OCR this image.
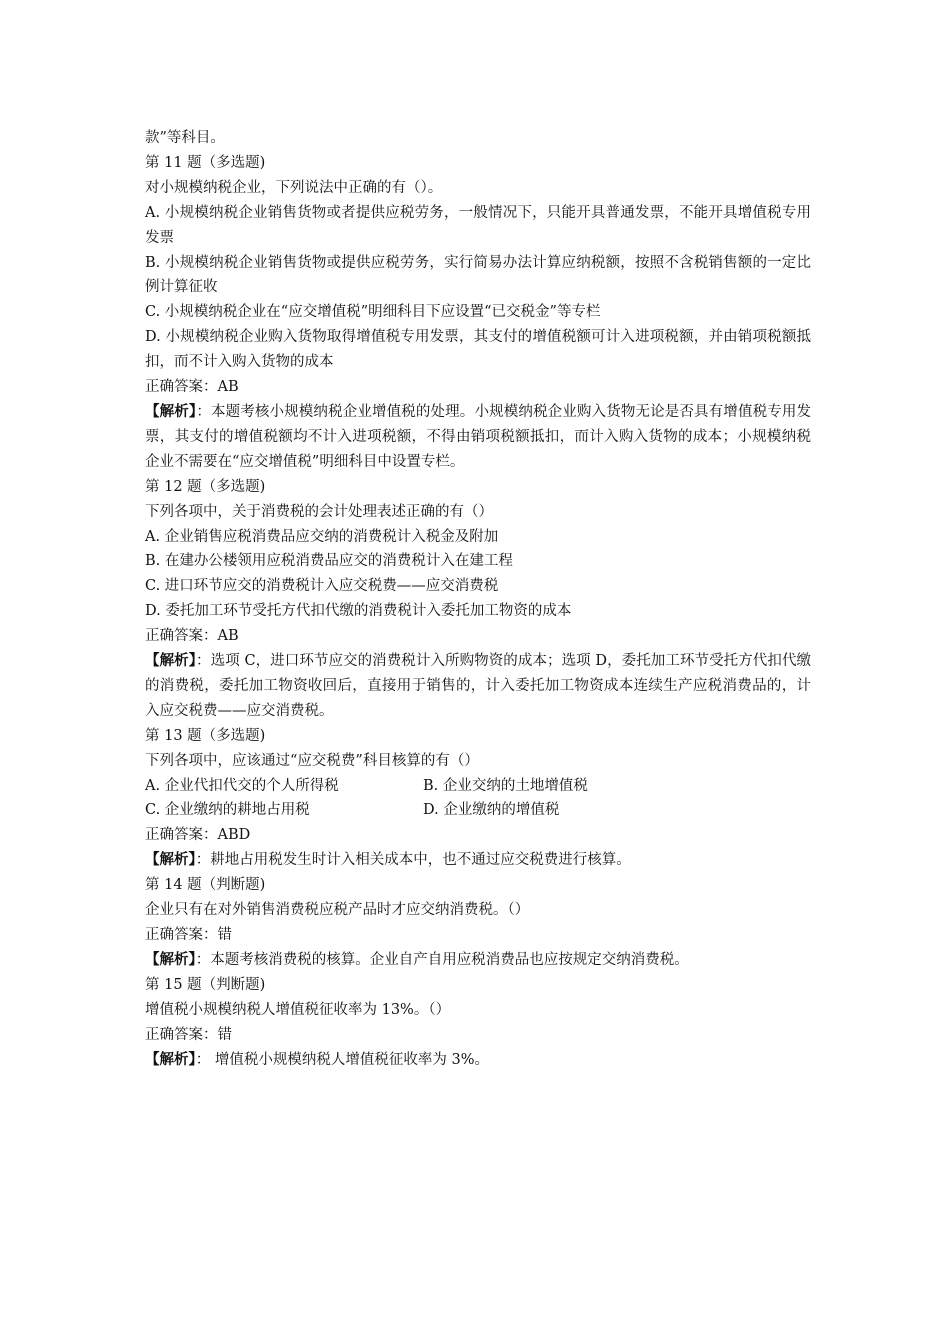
款”等科目。
第 11 题（多选题)
对小规模纳税企业，下列说法中正确的有（）。
A. 小规模纳税企业销售货物或者提供应税劳务，一般情况下，只能开具普通发票，不能开具增值税专用发票
B. 小规模纳税企业销售货物或提供应税劳务，实行简易办法计算应纳税额，按照不含税销售额的一定比例计算征收
C. 小规模纳税企业在“应交增值税”明细科目下应设置“已交税金”等专栏
D. 小规模纳税企业购入货物取得增值税专用发票，其支付的增值税额可计入进项税额，并由销项税额抵扣，而不计入购入货物的成本
正确答案：AB
【解析】：本题考核小规模纳税企业增值税的处理。小规模纳税企业购入货物无论是否具有增值税专用发票，其支付的增值税额均不计入进项税额，不得由销项税额抵扣，而计入购入货物的成本；小规模纳税企业不需要在“应交增值税”明细科目中设置专栏。
第 12 题（多选题)
下列各项中，关于消费税的会计处理表述正确的有（）
A. 企业销售应税消费品应交纳的消费税计入税金及附加
B. 在建办公楼领用应税消费品应交的消费税计入在建工程
C. 进口环节应交的消费税计入应交税费——应交消费税
D. 委托加工环节受托方代扣代缴的消费税计入委托加工物资的成本
正确答案：AB
【解析】：选项 C，进口环节应交的消费税计入所购物资的成本；选项 D，委托加工环节受托方代扣代缴的消费税，委托加工物资收回后，直接用于销售的，计入委托加工物资成本连续生产应税消费品的，计入应交税费——应交消费税。
第 13 题（多选题)
下列各项中，应该通过“应交税费”科目核算的有（）
A. 企业代扣代交的个人所得税	B. 企业交纳的土地增值税
C. 企业缴纳的耕地占用税	D. 企业缴纳的增值税
正确答案：ABD
【解析】：耕地占用税发生时计入相关成本中，也不通过应交税费进行核算。
第 14 题（判断题)
企业只有在对外销售消费税应税产品时才应交纳消费税。（）
正确答案：错
【解析】：本题考核消费税的核算。企业自产自用应税消费品也应按规定交纳消费税。
第 15 题（判断题)
增值税小规模纳税人增值税征收率为 13%。（）
正确答案：错
【解析】： 增值税小规模纳税人增值税征收率为 3%。
